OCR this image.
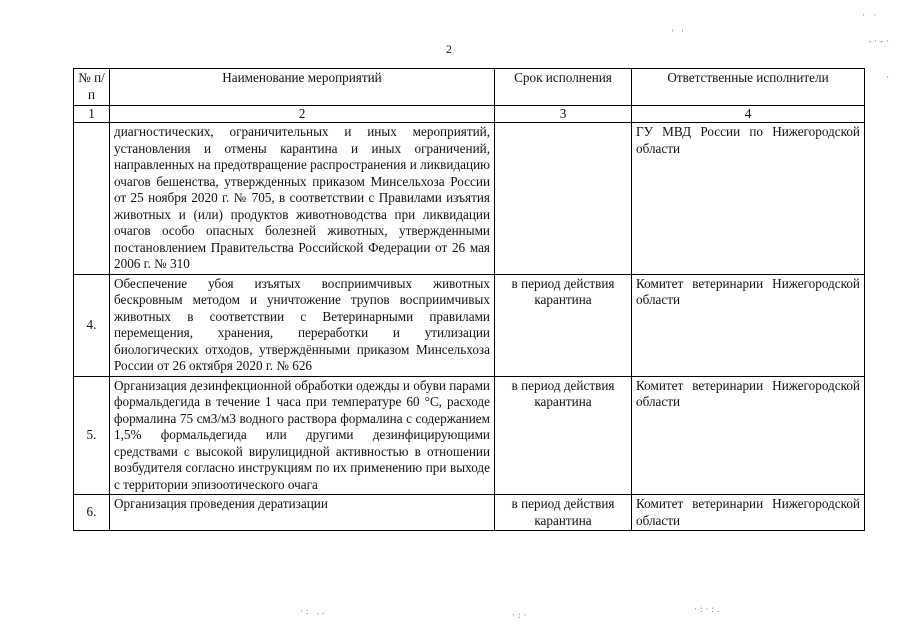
2
№ п/п	Наименование мероприятий	Срок исполнения	Ответственные исполнители
1	2	3	4
	диагностических, ограничительных и иных мероприятий, установления и отмены карантина и иных ограничений, направленных на предотвращение распространения и ликвидацию очагов бешенства, утвержденных приказом Минсельхоза России от 25 ноября 2020 г. № 705, в соответствии с Правилами изъятия животных и (или) продуктов животноводства при ликвидации очагов особо опасных болезней животных, утвержденными постановлением Правительства Российской Федерации от 26 мая 2006 г. № 310		ГУ МВД России по Нижегородской области
4.	Обеспечение убоя изъятых восприимчивых животных бескровным методом и уничтожение трупов восприимчивых животных в соответствии с Ветеринарными правилами перемещения, хранения, переработки и утилизации биологических отходов, утверждёнными приказом Минсельхоза России от 26 октября 2020 г. № 626	в период действия карантина	Комитет ветеринарии Нижегородской области
5.	Организация дезинфекционной обработки одежды и обуви парами формальдегида в течение 1 часа при температуре 60 °С, расходе формалина 75 см3/м3 водного раствора формалина с содержанием 1,5% формальдегида или другими дезинфицирующими средствами с высокой вирулицидной активностью в отношении возбудителя согласно инструкциям по их применению при выходе с территории эпизоотического очага	в период действия карантина	Комитет ветеринарии Нижегородской области
6.	Организация проведения дератизации	в период действия карантина	Комитет ветеринарии Нижегородской области
· ·
-·-·
' '
·
·: ..	·:·
·:·:.
